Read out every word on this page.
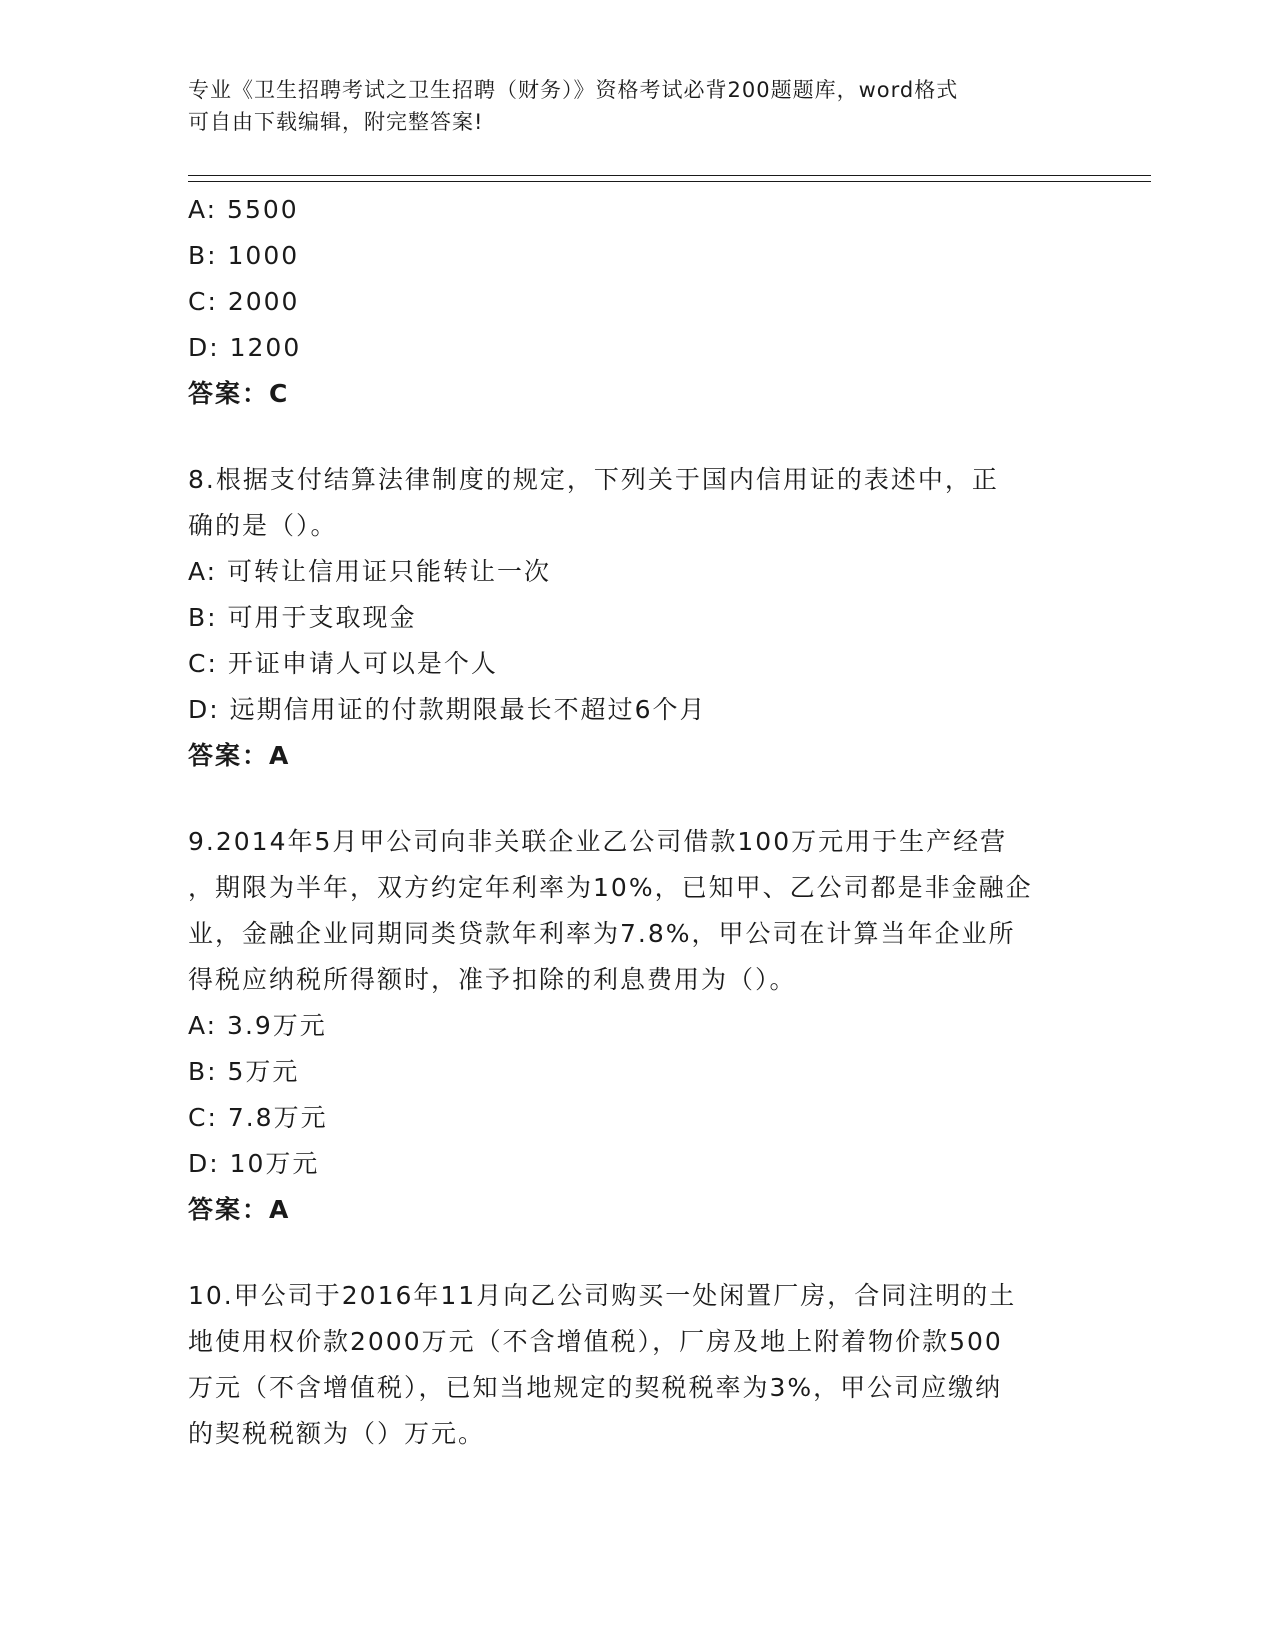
专业《卫生招聘考试之卫生招聘（财务）》资格考试必背200题题库，word格式
可自由下载编辑，附完整答案!
A: 5500
B: 1000
C: 2000
D: 1200
答案：C
8.根据支付结算法律制度的规定，下列关于国内信用证的表述中，正
确的是（）。
A: 可转让信用证只能转让一次
B: 可用于支取现金
C: 开证申请人可以是个人
D: 远期信用证的付款期限最长不超过6个月
答案：A
9.2014年5月甲公司向非关联企业乙公司借款100万元用于生产经营
，期限为半年，双方约定年利率为10%，已知甲、乙公司都是非金融企
业，金融企业同期同类贷款年利率为7.8%，甲公司在计算当年企业所
得税应纳税所得额时，准予扣除的利息费用为（）。
A: 3.9万元
B: 5万元
C: 7.8万元
D: 10万元
答案：A
10.甲公司于2016年11月向乙公司购买一处闲置厂房，合同注明的土
地使用权价款2000万元（不含增值税），厂房及地上附着物价款500
万元（不含增值税），已知当地规定的契税税率为3%，甲公司应缴纳
的契税税额为（）万元。
